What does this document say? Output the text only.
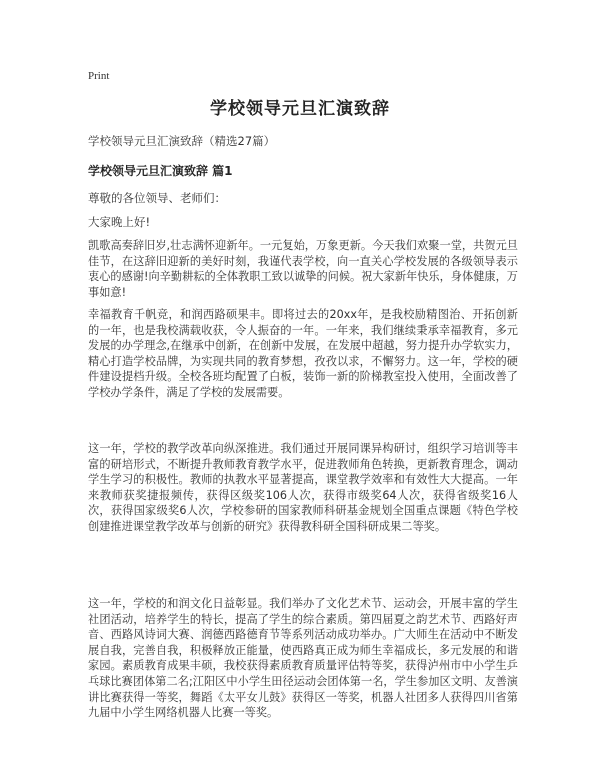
Print
学校领导元旦汇演致辞
学校领导元旦汇演致辞（精选27篇）
学校领导元旦汇演致辞 篇1
尊敬的各位领导、老师们：
大家晚上好!

凯歌高奏辞旧岁,壮志满怀迎新年。一元复始，万象更新。今天我们欢聚一堂，共贺元旦佳节，在这辞旧迎新的美好时刻，我谨代表学校，向一直关心学校发展的各级领导表示衷心的感谢!向辛勤耕耘的全体教职工致以诚挚的问候。祝大家新年快乐，身体健康，万事如意!

幸福教育千帆竞，和润西路硕果丰。即将过去的20xx年，是我校励精图治、开拓创新的一年，也是我校满载收获，令人振奋的一年。一年来，我们继续秉承幸福教育，多元发展的办学理念,在继承中创新，在创新中发展，在发展中超越，努力提升办学软实力，精心打造学校品牌，为实现共同的教育梦想，孜孜以求，不懈努力。这一年，学校的硬件建设提档升级。全校各班均配置了白板，装饰一新的阶梯教室投入使用，全面改善了学校办学条件，满足了学校的发展需要。

这一年，学校的教学改革向纵深推进。我们通过开展同课异构研讨，组织学习培训等丰富的研培形式，不断提升教师教育教学水平，促进教师角色转换，更新教育理念，调动学生学习的积极性。教师的执教水平显著提高，课堂教学效率和有效性大大提高。一年来教师获奖捷报频传，获得区级奖106人次，获得市级奖64人次，获得省级奖16人次，获得国家级奖6人次，学校参研的国家教师科研基金规划全国重点课题《特色学校创建推进课堂教学改革与创新的研究》获得教科研全国科研成果二等奖。

这一年，学校的和润文化日益彰显。我们举办了文化艺术节、运动会，开展丰富的学生社团活动，培养学生的特长，提高了学生的综合素质。第四届夏之韵艺术节、西路好声音、西路风诗词大赛、润德西路德育节等系列活动成功举办。广大师生在活动中不断发展自我，完善自我，积极释放正能量，使西路真正成为师生幸福成长，多元发展的和谐家园。素质教育成果丰硕，我校获得素质教育质量评估特等奖，获得泸州市中小学生乒乓球比赛团体第二名;江阳区中小学生田径运动会团体第一名，学生参加区文明、友善演讲比赛获得一等奖，舞蹈《太平女儿鼓》获得区一等奖，机器人社团多人获得四川省第九届中小学生网络机器人比赛一等奖。
